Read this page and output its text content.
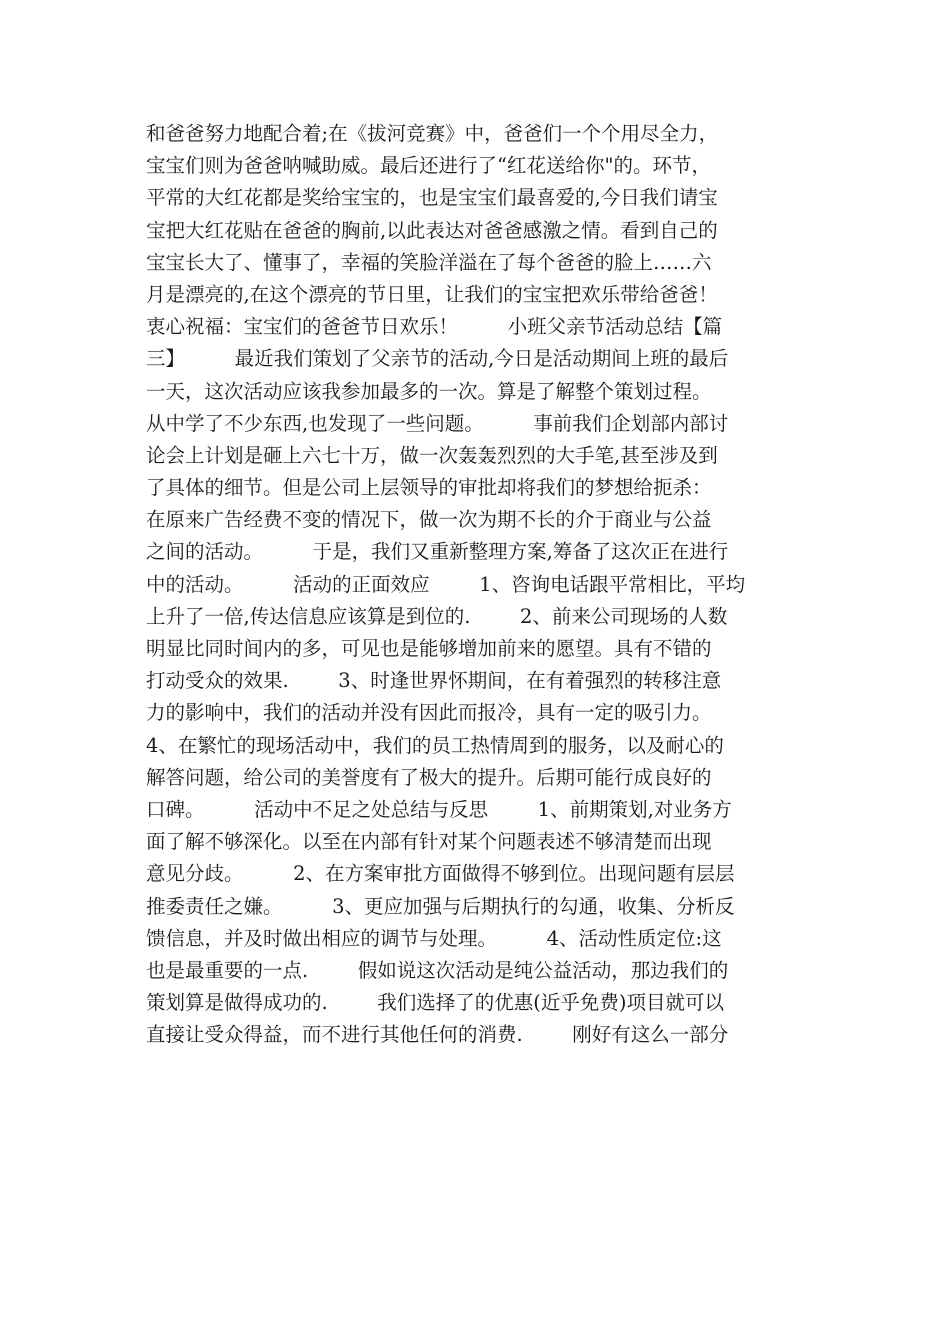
和爸爸努力地配合着;在《拔河竞赛》中，爸爸们一个个用尽全力，
宝宝们则为爸爸呐喊助威。最后还进行了“红花送给你"的。环节，
平常的大红花都是奖给宝宝的，也是宝宝们最喜爱的,今日我们请宝
宝把大红花贴在爸爸的胸前,以此表达对爸爸感激之情。看到自己的
宝宝长大了、懂事了，幸福的笑脸洋溢在了每个爸爸的脸上……六
月是漂亮的,在这个漂亮的节日里，让我们的宝宝把欢乐带给爸爸！
衷心祝福：宝宝们的爸爸节日欢乐！        小班父亲节活动总结【篇
三】        最近我们策划了父亲节的活动,今日是活动期间上班的最后
一天，这次活动应该我参加最多的一次。算是了解整个策划过程。
从中学了不少东西,也发现了一些问题。        事前我们企划部内部讨
论会上计划是砸上六七十万，做一次轰轰烈烈的大手笔,甚至涉及到
了具体的细节。但是公司上层领导的审批却将我们的梦想给扼杀：
在原来广告经费不变的情况下，做一次为期不长的介于商业与公益
之间的活动。        于是，我们又重新整理方案,筹备了这次正在进行
中的活动。        活动的正面效应        1、咨询电话跟平常相比，平均
上升了一倍,传达信息应该算是到位的.        2、前来公司现场的人数
明显比同时间内的多，可见也是能够增加前来的愿望。具有不错的
打动受众的效果.        3、时逢世界怀期间，在有着强烈的转移注意
力的影响中，我们的活动并没有因此而报冷，具有一定的吸引力。
4、在繁忙的现场活动中，我们的员工热情周到的服务，以及耐心的
解答问题，给公司的美誉度有了极大的提升。后期可能行成良好的
口碑。        活动中不足之处总结与反思        1、前期策划,对业务方
面了解不够深化。以至在内部有针对某个问题表述不够清楚而出现
意见分歧。        2、在方案审批方面做得不够到位。出现问题有层层
推委责任之嫌。        3、更应加强与后期执行的勾通，收集、分析反
馈信息，并及时做出相应的调节与处理。        4、活动性质定位:这
也是最重要的一点.        假如说这次活动是纯公益活动，那边我们的
策划算是做得成功的.        我们选择了的优惠(近乎免费)项目就可以
直接让受众得益，而不进行其他任何的消费.        刚好有这么一部分
